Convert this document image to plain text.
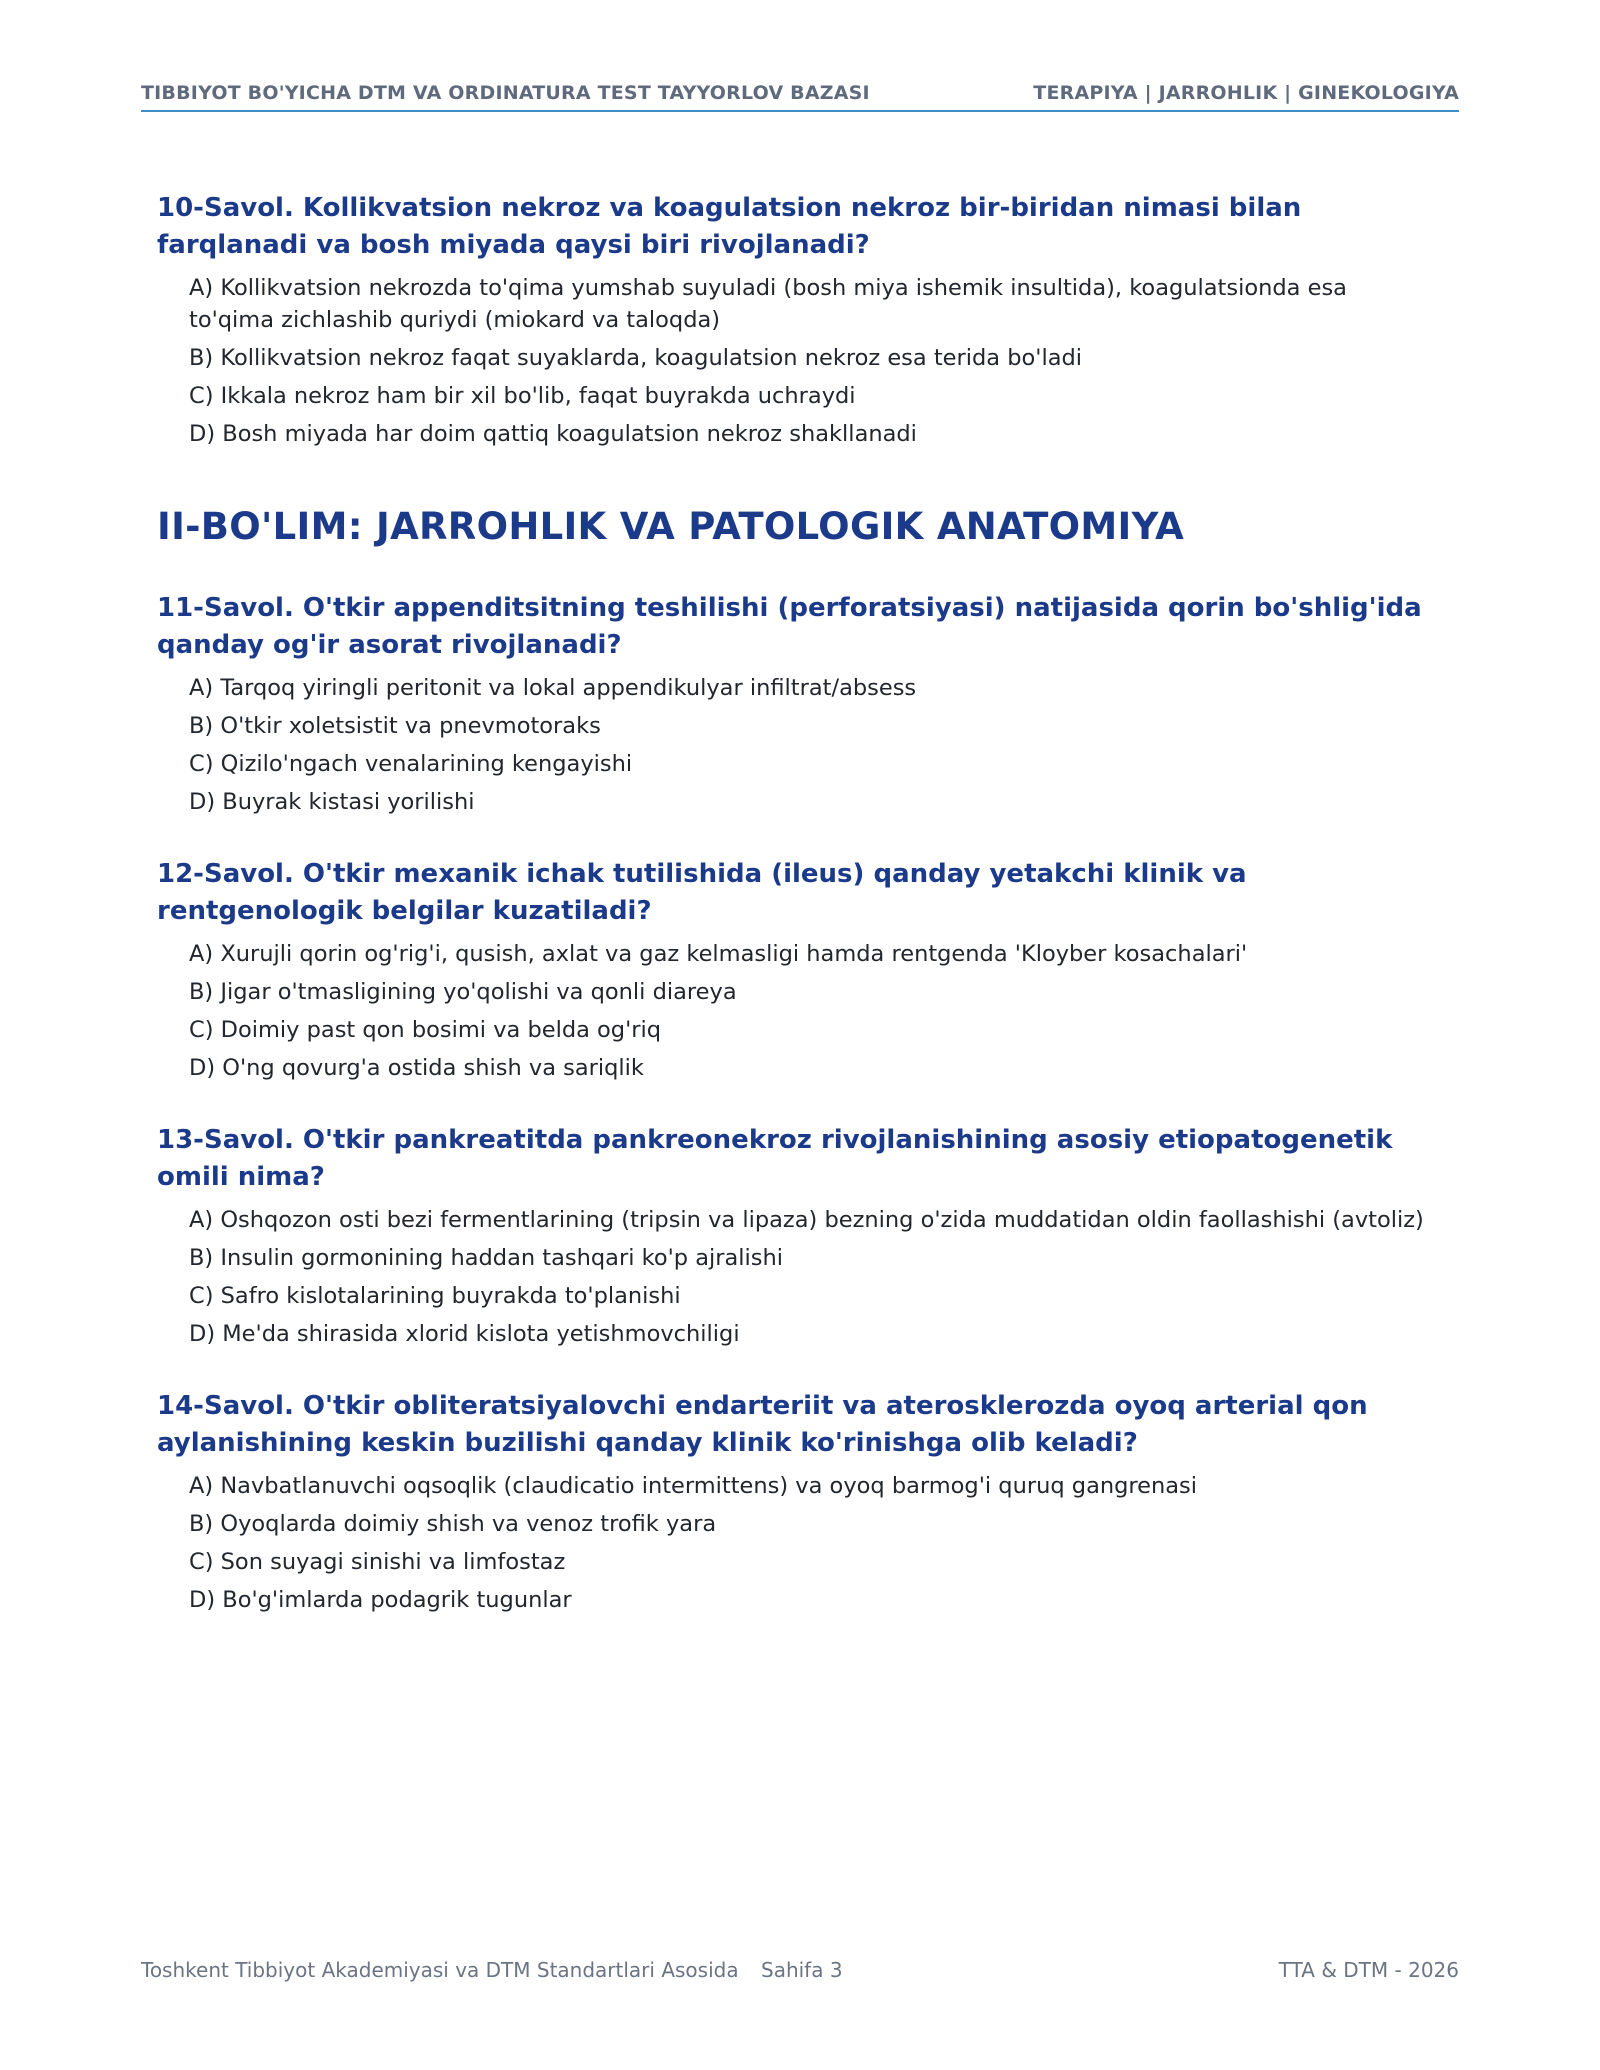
TIBBIYOT BO'YICHA DTM VA ORDINATURA TEST TAYYORLOV BAZASI	TERAPIYA | JARROHLIK | GINEKOLOGIYA
10-Savol. Kollikvatsion nekroz va koagulatsion nekroz bir-biridan nimasi bilan farqlanadi va bosh miyada qaysi biri rivojlanadi?
A) Kollikvatsion nekrozda to'qima yumshab suyuladi (bosh miya ishemik insultida), koagulatsionda esa to'qima zichlashib quriydi (miokard va taloqda)
B) Kollikvatsion nekroz faqat suyaklarda, koagulatsion nekroz esa terida bo'ladi
C) Ikkala nekroz ham bir xil bo'lib, faqat buyrakda uchraydi
D) Bosh miyada har doim qattiq koagulatsion nekroz shakllanadi
II-BO'LIM: JARROHLIK VA PATOLOGIK ANATOMIYA
11-Savol. O'tkir appenditsitning teshilishi (perforatsiyasi) natijasida qorin bo'shlig'ida qanday og'ir asorat rivojlanadi?
A) Tarqoq yiringli peritonit va lokal appendikulyar infiltrat/absess
B) O'tkir xoletsistit va pnevmotoraks
C) Qizilo'ngach venalarining kengayishi
D) Buyrak kistasi yorilishi
12-Savol. O'tkir mexanik ichak tutilishida (ileus) qanday yetakchi klinik va rentgenologik belgilar kuzatiladi?
A) Xurujli qorin og'rig'i, qusish, axlat va gaz kelmasligi hamda rentgenda 'Kloyber kosachalari'
B) Jigar o'tmasligining yo'qolishi va qonli diareya
C) Doimiy past qon bosimi va belda og'riq
D) O'ng qovurg'a ostida shish va sariqlik
13-Savol. O'tkir pankreatitda pankreonekroz rivojlanishining asosiy etiopatogenetik omili nima?
A) Oshqozon osti bezi fermentlarining (tripsin va lipaza) bezning o'zida muddatidan oldin faollashishi (avtoliz)
B) Insulin gormonining haddan tashqari ko'p ajralishi
C) Safro kislotalarining buyrakda to'planishi
D) Me'da shirasida xlorid kislota yetishmovchiligi
14-Savol. O'tkir obliteratsiyalovchi endarteriit va aterosklerozda oyoq arterial qon aylanishining keskin buzilishi qanday klinik ko'rinishga olib keladi?
A) Navbatlanuvchi oqsoqlik (claudicatio intermittens) va oyoq barmog'i quruq gangrenasi
B) Oyoqlarda doimiy shish va venoz trofik yara
C) Son suyagi sinishi va limfostaz
D) Bo'g'imlarda podagrik tugunlar
Toshkent Tibbiyot Akademiyasi va DTM Standartlari Asosida Sahifa 3	TTA & DTM - 2026
